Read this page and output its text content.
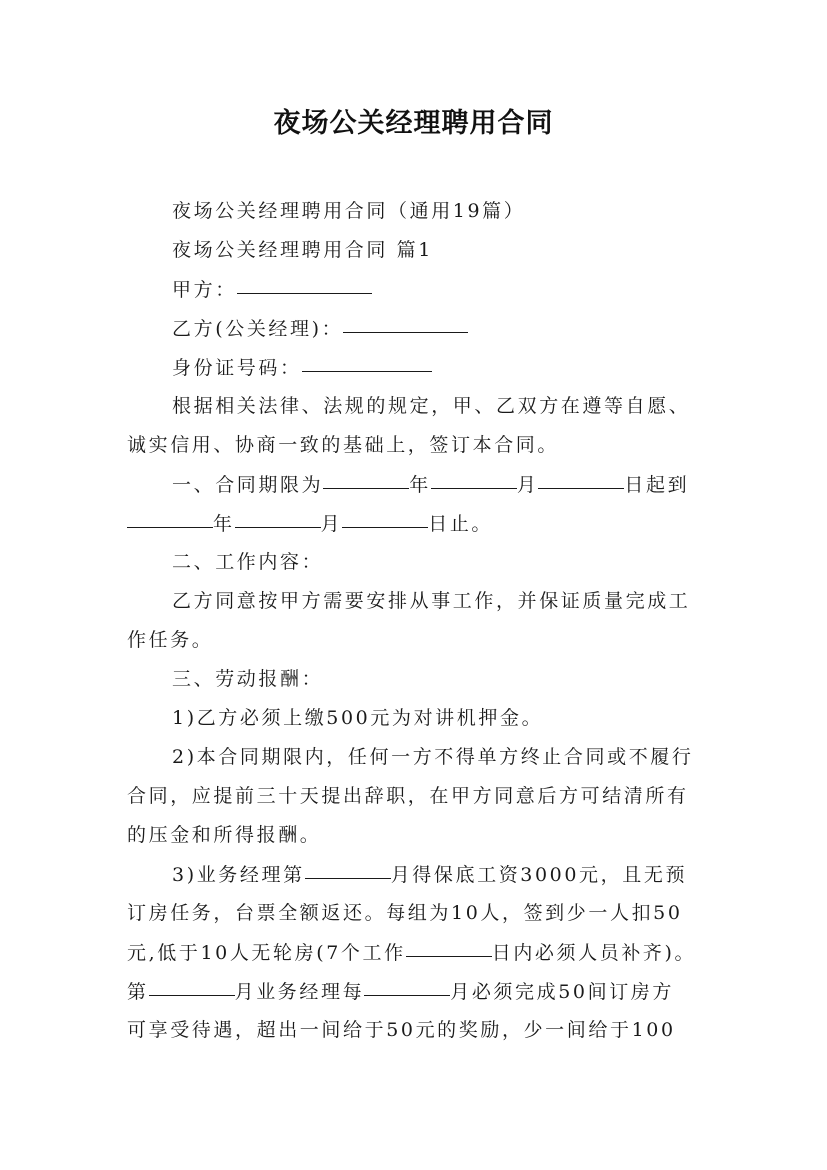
夜场公关经理聘用合同
夜场公关经理聘用合同（通用19篇）
夜场公关经理聘用合同 篇1
甲方：
乙方(公关经理)：
身份证号码：
根据相关法律、法规的规定，甲、乙双方在遵等自愿、
诚实信用、协商一致的基础上，签订本合同。
一、合同期限为	年	月	日起到
年	月	日止。
二、工作内容：
乙方同意按甲方需要安排从事工作，并保证质量完成工
作任务。
三、劳动报酬：
1)乙方必须上缴500元为对讲机押金。
2)本合同期限内，任何一方不得单方终止合同或不履行
合同，应提前三十天提出辞职，在甲方同意后方可结清所有
的压金和所得报酬。
3)业务经理第	月得保底工资3000元，且无预
订房任务，台票全额返还。每组为10人，签到少一人扣50
元,低于10人无轮房(7个工作	日内必须人员补齐)。
第	月业务经理每	月必须完成50间订房方
可享受待遇，超出一间给于50元的奖励，少一间给于100
